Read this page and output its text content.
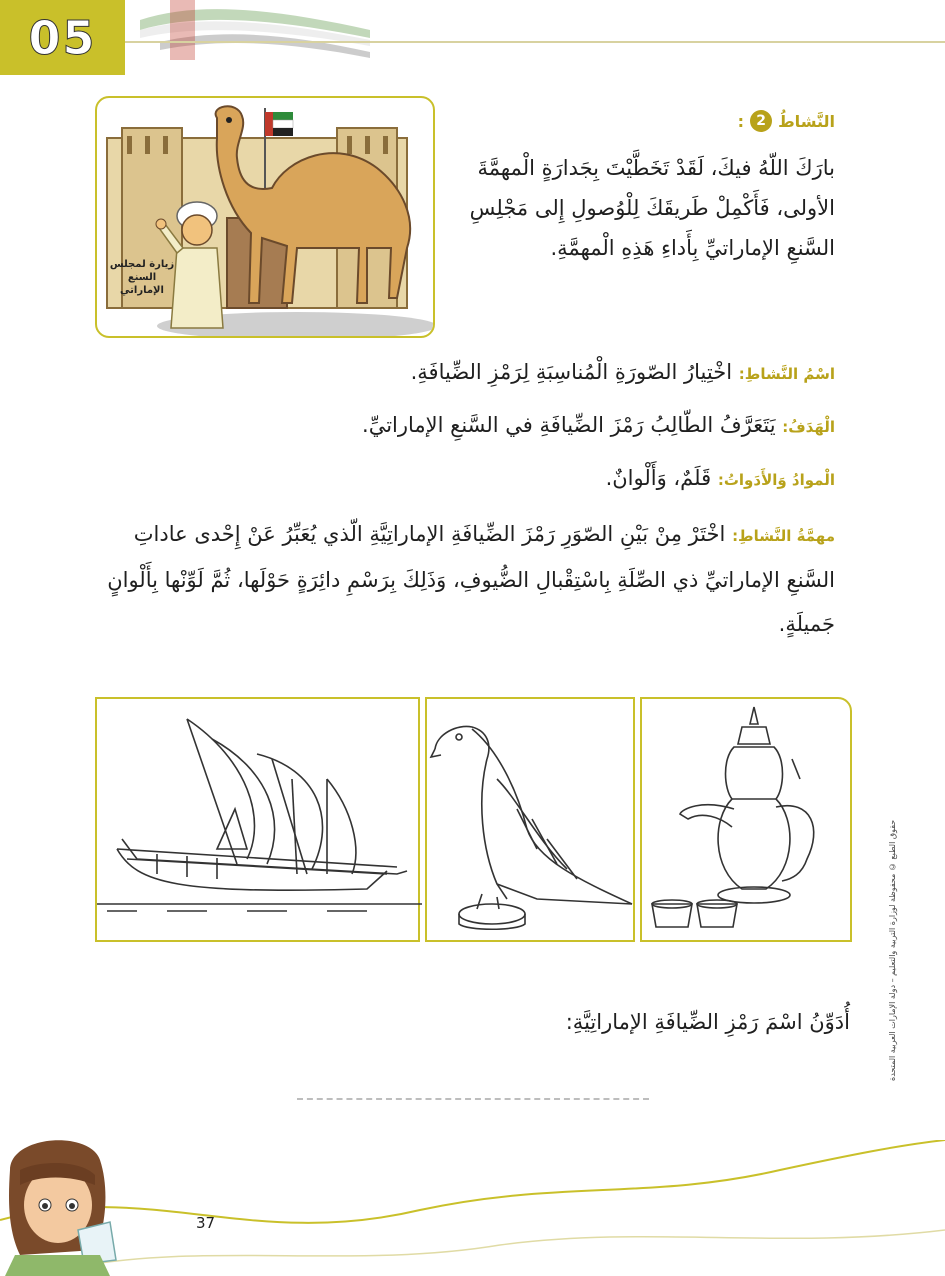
05
زيارة لمجلس
السنع
الإماراتي
النَّشاطُ
2
:

بارَكَ اللّهُ فيكَ، لَقَدْ تَخَطَّيْتَ بِجَدارَةٍ الْمهمَّةَ الأولى، فَأَكْمِلْ طَريقَكَ لِلْوُصولِ إِلى مَجْلِسِ السَّنعِ الإماراتيِّ بِأَداءِ هَذِهِ الْمهمَّةِ.

اسْمُ النَّشاطِ: اخْتِيارُ الصّورَةِ الْمُناسِبَةِ لِرَمْزِ الضِّيافَةِ.
الْهَدَفُ: يَتَعَرَّفُ الطّالِبُ رَمْزَ الضِّيافَةِ في السَّنعِ الإماراتيِّ.
الْموادُ وَالأَدَواتُ: قَلَمٌ، وَأَلْوانٌ.
مهمَّةُ النَّشاطِ: اخْتَرْ مِنْ بَيْنِ الصّوَرِ رَمْزَ الضِّيافَةِ الإماراتِيَّةِ الّذي يُعَبِّرُ عَنْ إِحْدى عاداتِ السَّنعِ الإماراتيِّ ذي الصِّلَةِ بِاسْتِقْبالِ الضُّيوفِ، وَذَلِكَ بِرَسْمِ دائِرَةٍ حَوْلَها، ثُمَّ لَوِّنْها بِأَلْوانٍ جَميلَةٍ.
حقوق الطبع © محفوظة لوزارة التربية والتعليم – دولة الإمارات العربية المتحدة
أُدَوِّنُ اسْمَ رَمْزِ الضِّيافَةِ الإماراتِيَّةِ:
37
